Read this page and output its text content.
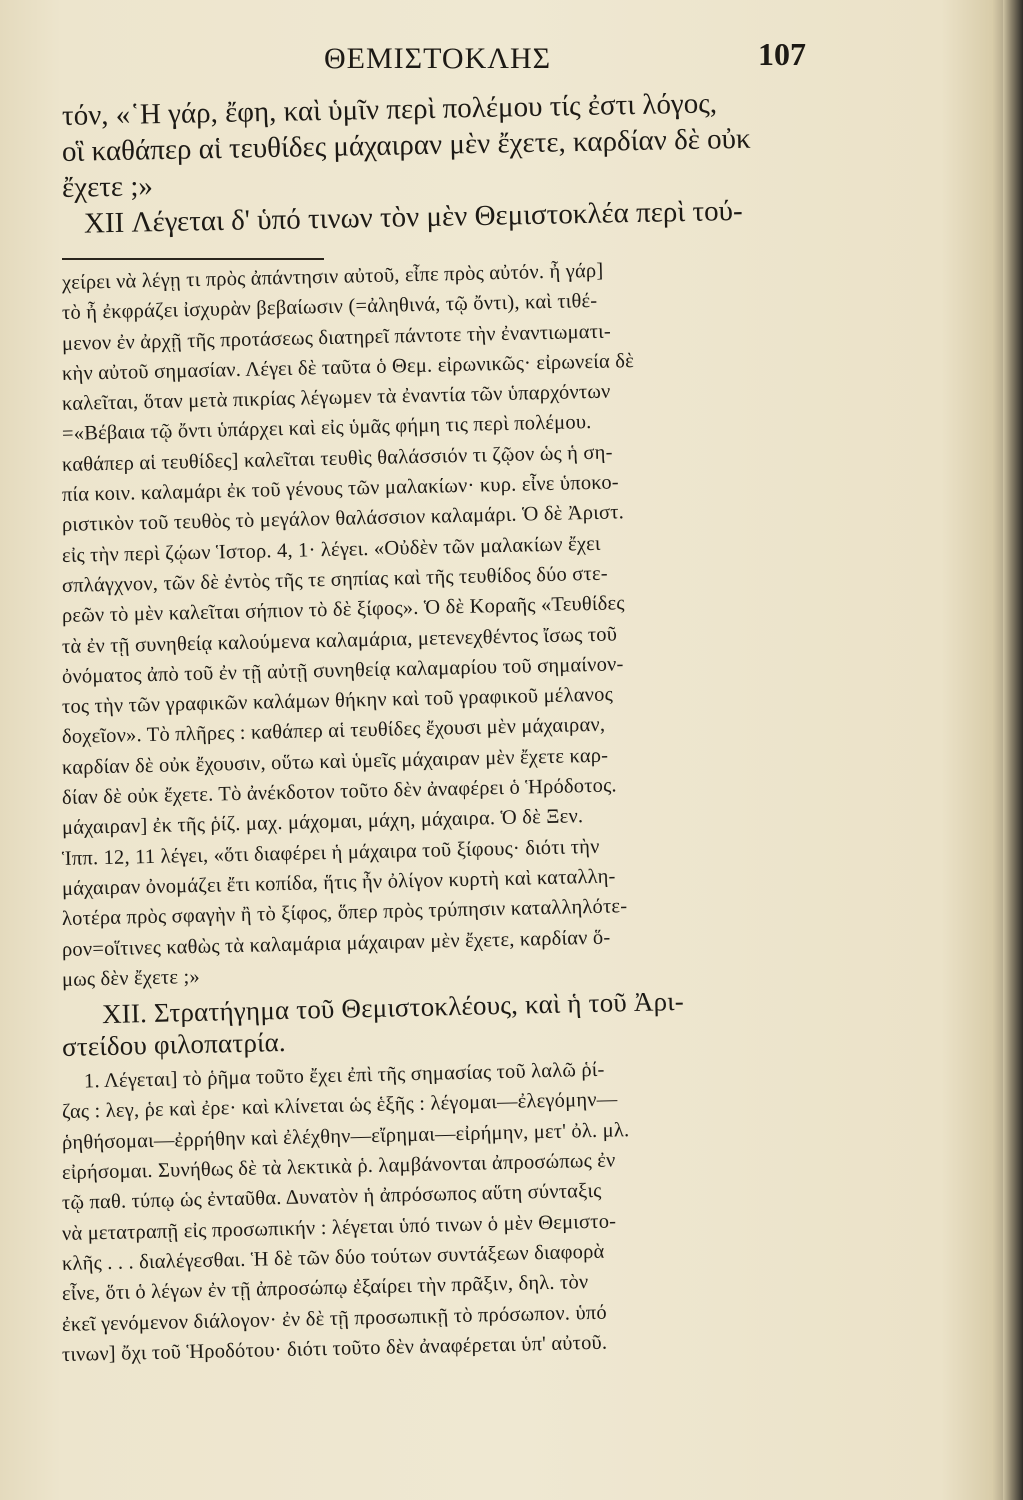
ΘΕΜΙΣΤΟΚΛΗΣ	107
τόν, «῾Η γάρ, ἔφη, καὶ ὑμῖν περὶ πολέμου τίς ἐστι λόγος,
οἳ καθάπερ αἱ τευθίδες μάχαιραν μὲν ἔχετε, καρδίαν δὲ οὐκ
ἔχετε ;»
XII Λέγεται δ' ὑπό τινων τὸν μὲν Θεμιστοκλέα περὶ τού-
χείρει νὰ λέγῃ τι πρὸς ἀπάντησιν αὐτοῦ, εἶπε πρὸς αὐτόν. ἦ γάρ]
τὸ ἦ ἐκφράζει ἰσχυρὰν βεβαίωσιν (=ἀληθινά, τῷ ὄντι), καὶ τιθέ-
μενον ἐν ἀρχῇ τῆς προτάσεως διατηρεῖ πάντοτε τὴν ἐναντιωματι-
κὴν αὐτοῦ σημασίαν. Λέγει δὲ ταῦτα ὁ Θεμ. εἰρωνικῶς· εἰρωνεία δὲ
καλεῖται, ὅταν μετὰ πικρίας λέγωμεν τὰ ἐναντία τῶν ὑπαρχόντων
=«Βέβαια τῷ ὄντι ὑπάρχει καὶ εἰς ὑμᾶς φήμη τις περὶ πολέμου.
καθάπερ αἱ τευθίδες] καλεῖται τευθὶς θαλάσσιόν τι ζῷον ὡς ἡ ση-
πία κοιν. καλαμάρι ἐκ τοῦ γένους τῶν μαλακίων· κυρ. εἶνε ὑποκο-
ριστικὸν τοῦ τευθὸς τὸ μεγάλον θαλάσσιον καλαμάρι. Ὁ δὲ Ἀριστ.
εἰς τὴν περὶ ζῴων Ἱστορ. 4, 1· λέγει. «Οὐδὲν τῶν μαλακίων ἔχει
σπλάγχνον, τῶν δὲ ἐντὸς τῆς τε σηπίας καὶ τῆς τευθίδος δύο στε-
ρεῶν τὸ μὲν καλεῖται σήπιον τὸ δὲ ξίφος». Ὁ δὲ Κοραῆς «Τευθίδες
τὰ ἐν τῇ συνηθείᾳ καλούμενα καλαμάρια, μετενεχθέντος ἴσως τοῦ
ὀνόματος ἀπὸ τοῦ ἐν τῇ αὐτῇ συνηθείᾳ καλαμαρίου τοῦ σημαίνον-
τος τὴν τῶν γραφικῶν καλάμων θήκην καὶ τοῦ γραφικοῦ μέλανος
δοχεῖον». Τὸ πλῆρες : καθάπερ αἱ τευθίδες ἔχουσι μὲν μάχαιραν,
καρδίαν δὲ οὐκ ἔχουσιν, οὕτω καὶ ὑμεῖς μάχαιραν μὲν ἔχετε καρ-
δίαν δὲ οὐκ ἔχετε. Τὸ ἀνέκδοτον τοῦτο δὲν ἀναφέρει ὁ Ἡρόδοτος.
μάχαιραν] ἐκ τῆς ῥίζ. μαχ. μάχομαι, μάχη, μάχαιρα. Ὁ δὲ Ξεν.
Ἱππ. 12, 11 λέγει, «ὅτι διαφέρει ἡ μάχαιρα τοῦ ξίφους· διότι τὴν
μάχαιραν ὀνομάζει ἔτι κοπίδα, ἥτις ἦν ὀλίγον κυρτὴ καὶ καταλλη-
λοτέρα πρὸς σφαγὴν ἢ τὸ ξίφος, ὅπερ πρὸς τρύπησιν καταλληλότε-
ρον=οἵτινες καθὼς τὰ καλαμάρια μάχαιραν μὲν ἔχετε, καρδίαν ὅ-
μως δὲν ἔχετε ;»
XII. Στρατήγημα τοῦ Θεμιστοκλέους, καὶ ἡ τοῦ Ἀρι-
στείδου φιλοπατρία.
1. Λέγεται] τὸ ῥῆμα τοῦτο ἔχει ἐπὶ τῆς σημασίας τοῦ λαλῶ ῥί-
ζας : λεγ, ῥε καὶ ἐρε· καὶ κλίνεται ὡς ἑξῆς : λέγομαι—ἐλεγόμην—
ῥηθήσομαι—ἐρρήθην καὶ ἐλέχθην—εἴρημαι—εἰρήμην, μετ' ὀλ. μλ.
εἰρήσομαι. Συνήθως δὲ τὰ λεκτικὰ ῥ. λαμβάνονται ἀπροσώπως ἐν
τῷ παθ. τύπῳ ὡς ἐνταῦθα. Δυνατὸν ἡ ἀπρόσωπος αὕτη σύνταξις
νὰ μετατραπῇ εἰς προσωπικήν : λέγεται ὑπό τινων ὁ μὲν Θεμιστο-
κλῆς . . . διαλέγεσθαι. Ἡ δὲ τῶν δύο τούτων συντάξεων διαφορὰ
εἶνε, ὅτι ὁ λέγων ἐν τῇ ἀπροσώπῳ ἐξαίρει τὴν πρᾶξιν, δηλ. τὸν
ἐκεῖ γενόμενον διάλογον· ἐν δὲ τῇ προσωπικῇ τὸ πρόσωπον. ὑπό
τινων] ὄχι τοῦ Ἡροδότου· διότι τοῦτο δὲν ἀναφέρεται ὑπ' αὐτοῦ.
